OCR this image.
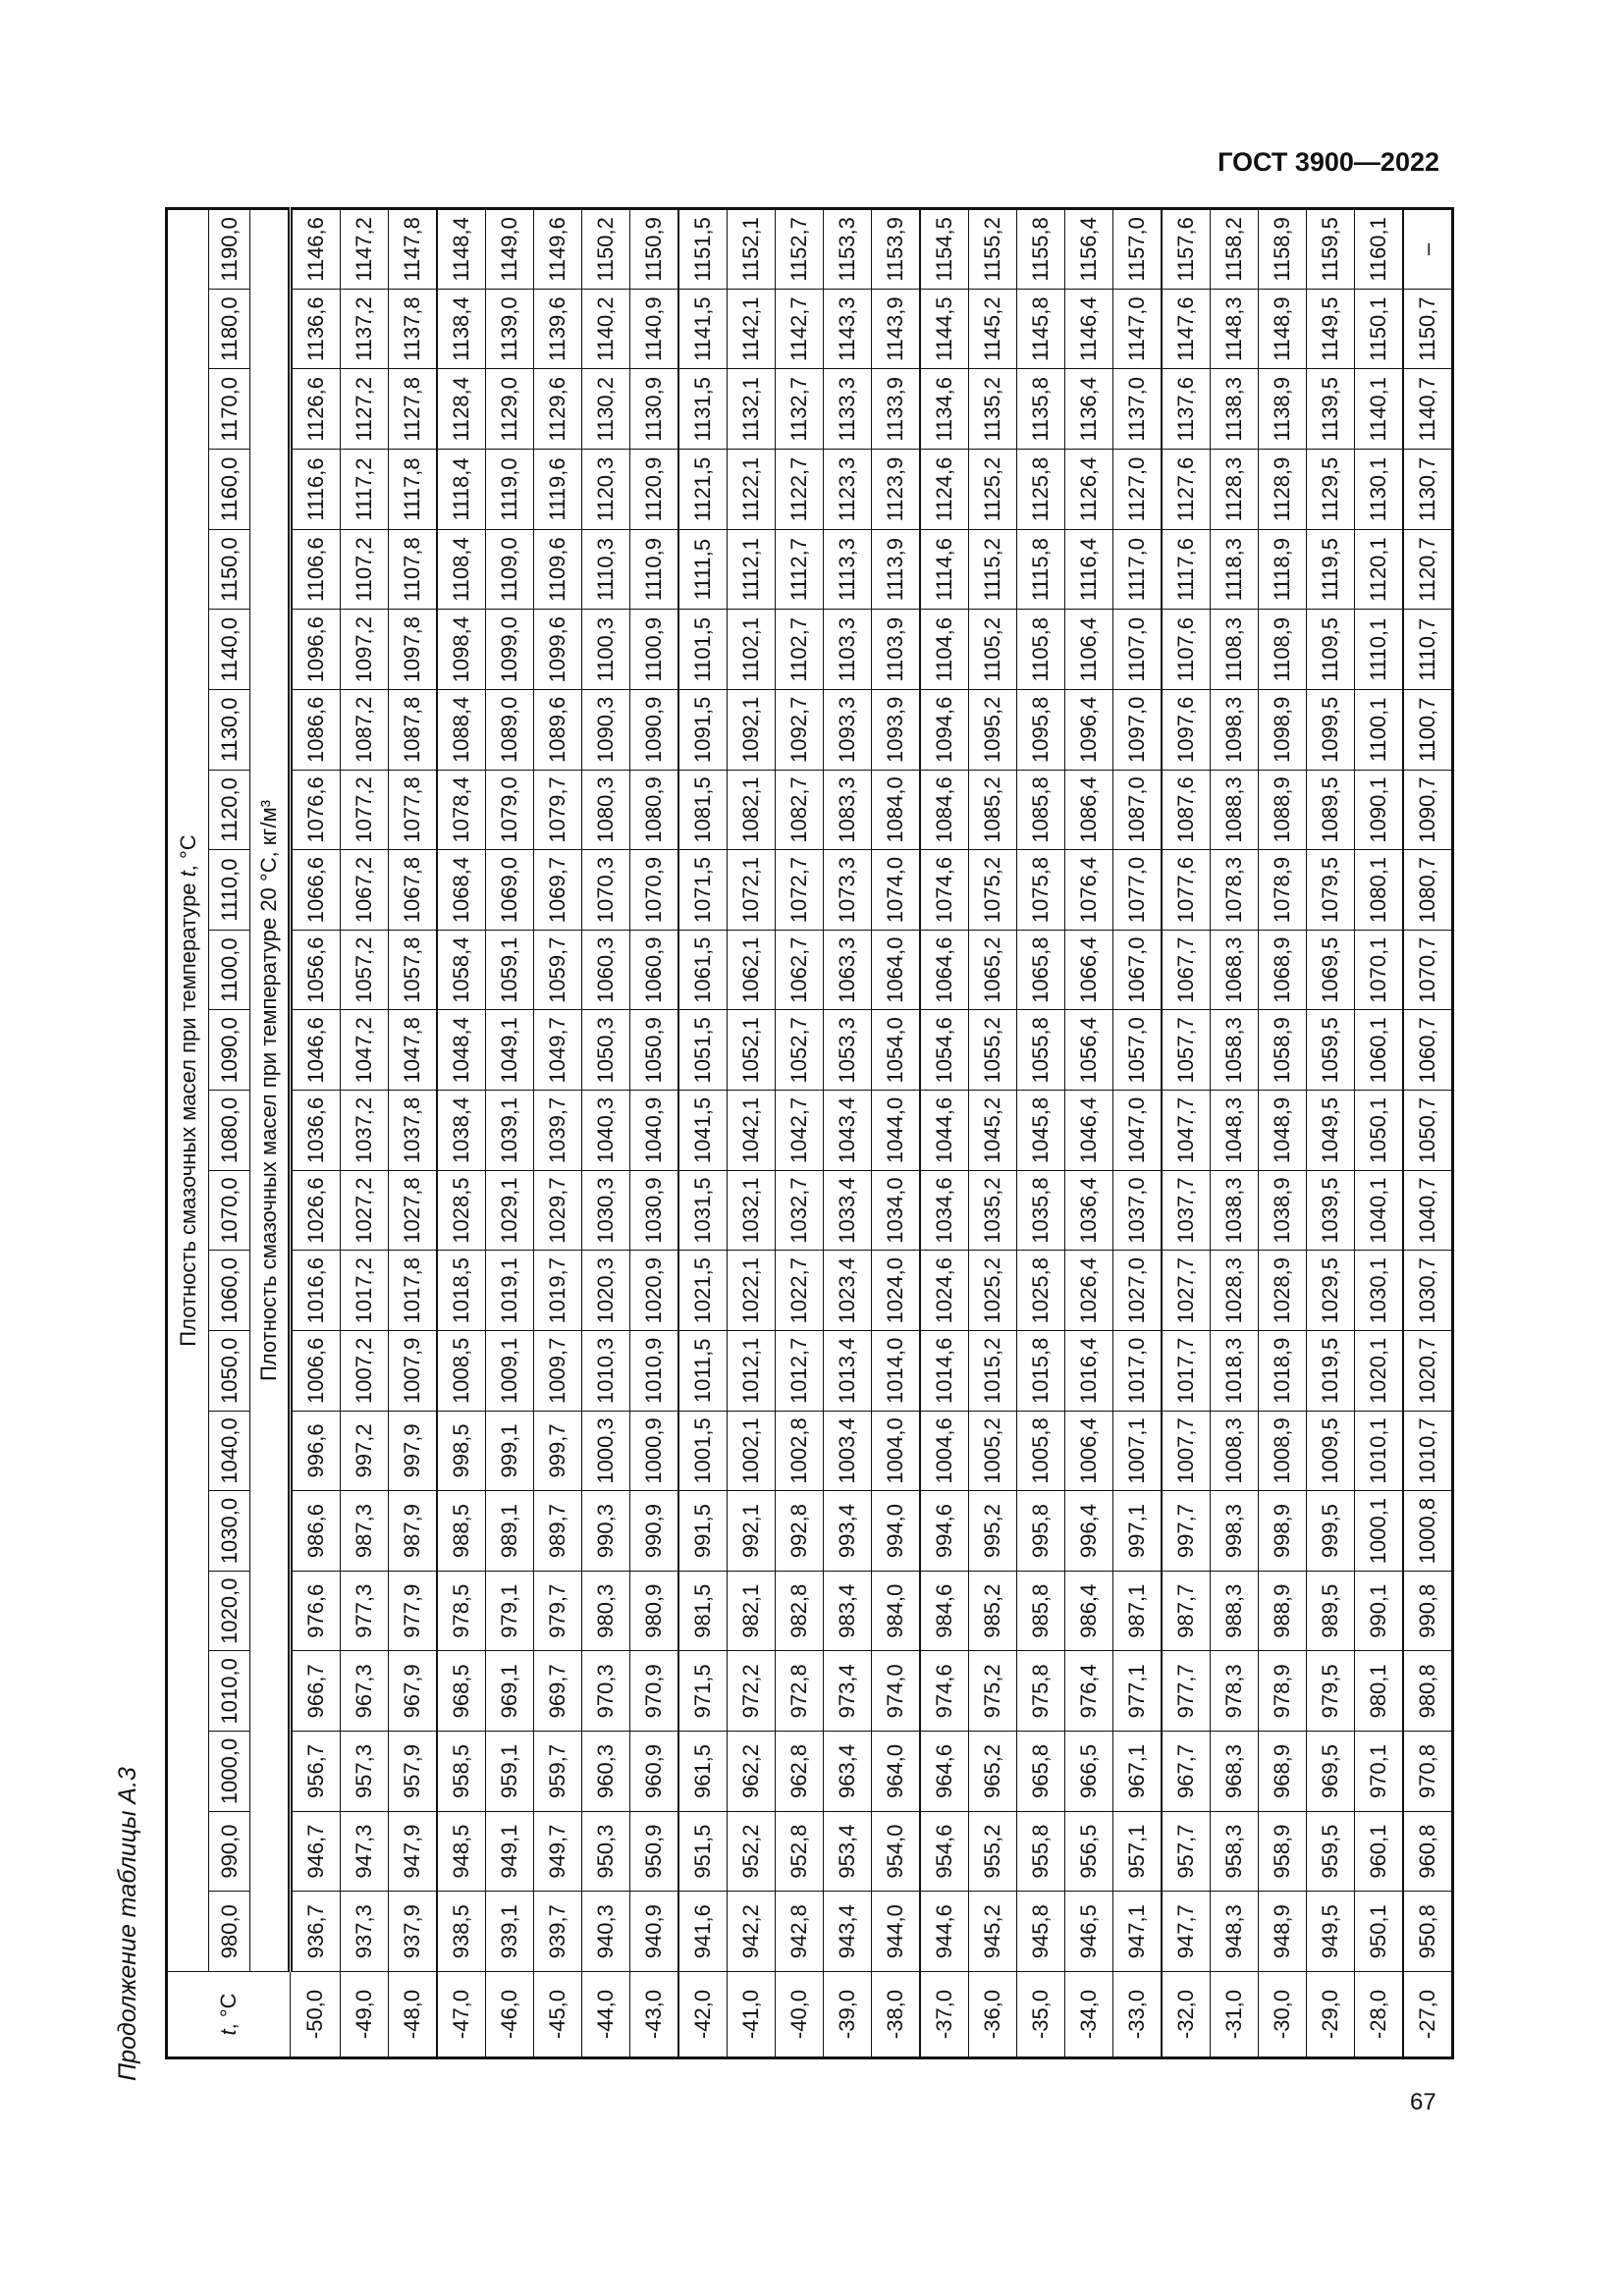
ГОСТ 3900—2022
Продолжение таблицы А.3	t, °C	Плотность смазочных масел при температуре t, °C																					
	980,0	990,0	1000,0	1010,0	1020,0	1030,0	1040,0	1050,0	1060,0	1070,0	1080,0	1090,0	1100,0	1110,0	1120,0	1130,0	1140,0	1150,0	1160,0	1170,0	1180,0	1190,0
	Плотность смазочных масел при температуре 20 °С, кг/м³																					
-50,0	936,7	946,7	956,7	966,7	976,6	986,6	996,6	1006,6	1016,6	1026,6	1036,6	1046,6	1056,6	1066,6	1076,6	1086,6	1096,6	1106,6	1116,6	1126,6	1136,6	1146,6
-49,0	937,3	947,3	957,3	967,3	977,3	987,3	997,2	1007,2	1017,2	1027,2	1037,2	1047,2	1057,2	1067,2	1077,2	1087,2	1097,2	1107,2	1117,2	1127,2	1137,2	1147,2
-48,0	937,9	947,9	957,9	967,9	977,9	987,9	997,9	1007,9	1017,8	1027,8	1037,8	1047,8	1057,8	1067,8	1077,8	1087,8	1097,8	1107,8	1117,8	1127,8	1137,8	1147,8
-47,0	938,5	948,5	958,5	968,5	978,5	988,5	998,5	1008,5	1018,5	1028,5	1038,4	1048,4	1058,4	1068,4	1078,4	1088,4	1098,4	1108,4	1118,4	1128,4	1138,4	1148,4
-46,0	939,1	949,1	959,1	969,1	979,1	989,1	999,1	1009,1	1019,1	1029,1	1039,1	1049,1	1059,1	1069,0	1079,0	1089,0	1099,0	1109,0	1119,0	1129,0	1139,0	1149,0
-45,0	939,7	949,7	959,7	969,7	979,7	989,7	999,7	1009,7	1019,7	1029,7	1039,7	1049,7	1059,7	1069,7	1079,7	1089,6	1099,6	1109,6	1119,6	1129,6	1139,6	1149,6
-44,0	940,3	950,3	960,3	970,3	980,3	990,3	1000,3	1010,3	1020,3	1030,3	1040,3	1050,3	1060,3	1070,3	1080,3	1090,3	1100,3	1110,3	1120,3	1130,2	1140,2	1150,2
-43,0	940,9	950,9	960,9	970,9	980,9	990,9	1000,9	1010,9	1020,9	1030,9	1040,9	1050,9	1060,9	1070,9	1080,9	1090,9	1100,9	1110,9	1120,9	1130,9	1140,9	1150,9
-42,0	941,6	951,5	961,5	971,5	981,5	991,5	1001,5	1011,5	1021,5	1031,5	1041,5	1051,5	1061,5	1071,5	1081,5	1091,5	1101,5	1111,5	1121,5	1131,5	1141,5	1151,5
-41,0	942,2	952,2	962,2	972,2	982,1	992,1	1002,1	1012,1	1022,1	1032,1	1042,1	1052,1	1062,1	1072,1	1082,1	1092,1	1102,1	1112,1	1122,1	1132,1	1142,1	1152,1
-40,0	942,8	952,8	962,8	972,8	982,8	992,8	1002,8	1012,7	1022,7	1032,7	1042,7	1052,7	1062,7	1072,7	1082,7	1092,7	1102,7	1112,7	1122,7	1132,7	1142,7	1152,7
-39,0	943,4	953,4	963,4	973,4	983,4	993,4	1003,4	1013,4	1023,4	1033,4	1043,4	1053,3	1063,3	1073,3	1083,3	1093,3	1103,3	1113,3	1123,3	1133,3	1143,3	1153,3
-38,0	944,0	954,0	964,0	974,0	984,0	994,0	1004,0	1014,0	1024,0	1034,0	1044,0	1054,0	1064,0	1074,0	1084,0	1093,9	1103,9	1113,9	1123,9	1133,9	1143,9	1153,9
-37,0	944,6	954,6	964,6	974,6	984,6	994,6	1004,6	1014,6	1024,6	1034,6	1044,6	1054,6	1064,6	1074,6	1084,6	1094,6	1104,6	1114,6	1124,6	1134,6	1144,5	1154,5
-36,0	945,2	955,2	965,2	975,2	985,2	995,2	1005,2	1015,2	1025,2	1035,2	1045,2	1055,2	1065,2	1075,2	1085,2	1095,2	1105,2	1115,2	1125,2	1135,2	1145,2	1155,2
-35,0	945,8	955,8	965,8	975,8	985,8	995,8	1005,8	1015,8	1025,8	1035,8	1045,8	1055,8	1065,8	1075,8	1085,8	1095,8	1105,8	1115,8	1125,8	1135,8	1145,8	1155,8
-34,0	946,5	956,5	966,5	976,4	986,4	996,4	1006,4	1016,4	1026,4	1036,4	1046,4	1056,4	1066,4	1076,4	1086,4	1096,4	1106,4	1116,4	1126,4	1136,4	1146,4	1156,4
-33,0	947,1	957,1	967,1	977,1	987,1	997,1	1007,1	1017,0	1027,0	1037,0	1047,0	1057,0	1067,0	1077,0	1087,0	1097,0	1107,0	1117,0	1127,0	1137,0	1147,0	1157,0
-32,0	947,7	957,7	967,7	977,7	987,7	997,7	1007,7	1017,7	1027,7	1037,7	1047,7	1057,7	1067,7	1077,6	1087,6	1097,6	1107,6	1117,6	1127,6	1137,6	1147,6	1157,6
-31,0	948,3	958,3	968,3	978,3	988,3	998,3	1008,3	1018,3	1028,3	1038,3	1048,3	1058,3	1068,3	1078,3	1088,3	1098,3	1108,3	1118,3	1128,3	1138,3	1148,3	1158,2
-30,0	948,9	958,9	968,9	978,9	988,9	998,9	1008,9	1018,9	1028,9	1038,9	1048,9	1058,9	1068,9	1078,9	1088,9	1098,9	1108,9	1118,9	1128,9	1138,9	1148,9	1158,9
-29,0	949,5	959,5	969,5	979,5	989,5	999,5	1009,5	1019,5	1029,5	1039,5	1049,5	1059,5	1069,5	1079,5	1089,5	1099,5	1109,5	1119,5	1129,5	1139,5	1149,5	1159,5
-28,0	950,1	960,1	970,1	980,1	990,1	1000,1	1010,1	1020,1	1030,1	1040,1	1050,1	1060,1	1070,1	1080,1	1090,1	1100,1	1110,1	1120,1	1130,1	1140,1	1150,1	1160,1
-27,0	950,8	960,8	970,8	980,8	990,8	1000,8	1010,7	1020,7	1030,7	1040,7	1050,7	1060,7	1070,7	1080,7	1090,7	1100,7	1110,7	1120,7	1130,7	1140,7	1150,7	–
67
